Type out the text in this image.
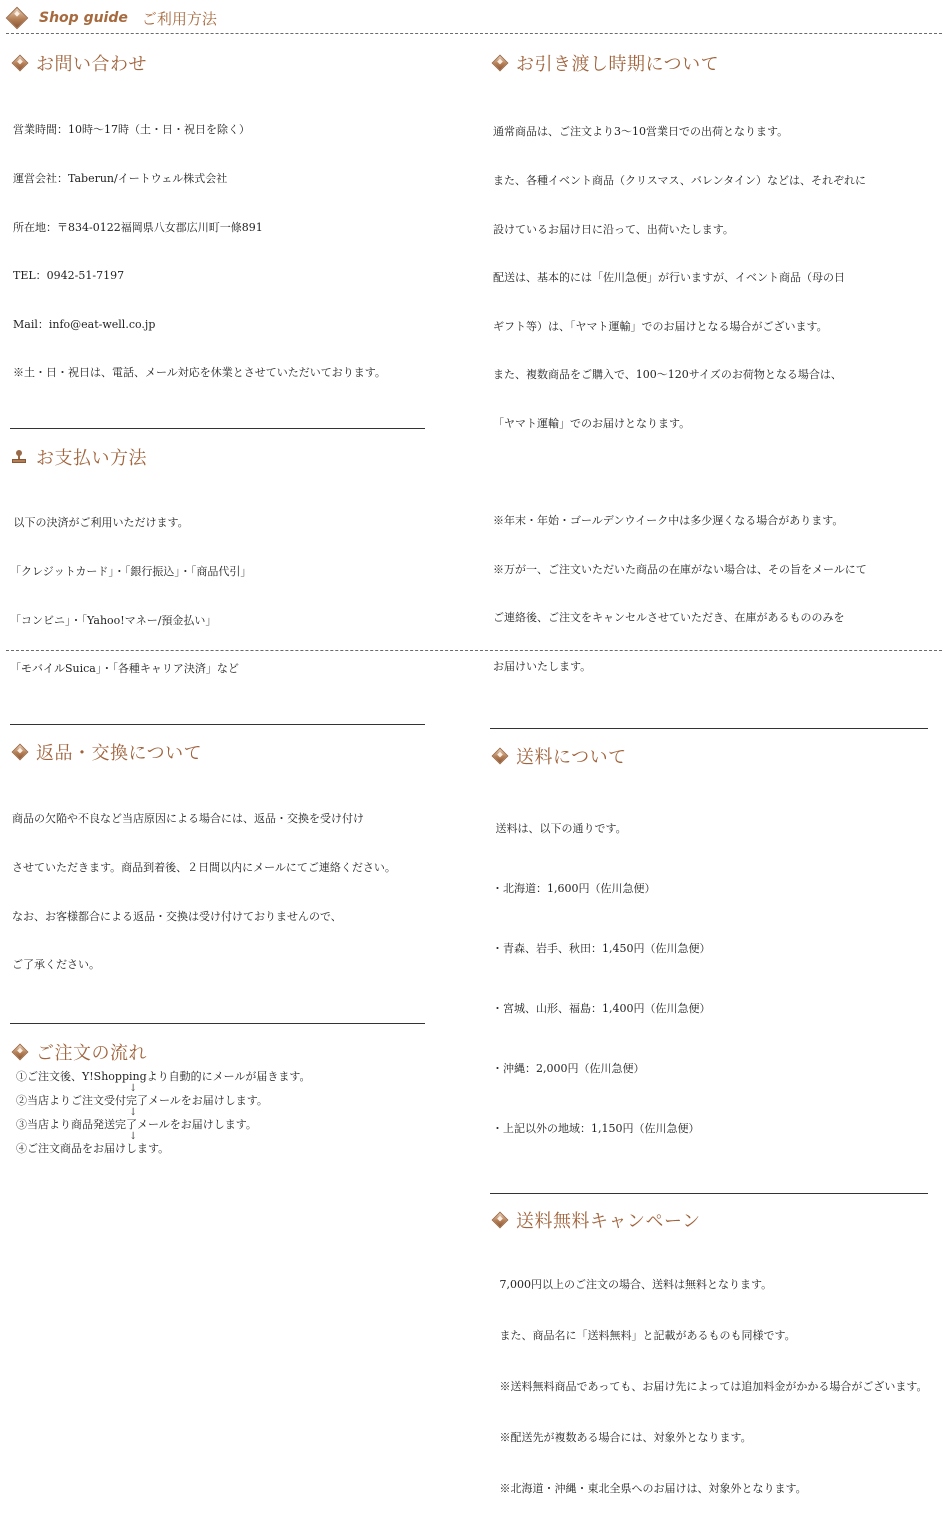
Shop guide ご利用方法
お問い合わせ

営業時間：10時～17時（土・日・祝日を除く）

運営会社：Taberun/イートウェル株式会社

所在地：〒834-0122福岡県八女郡広川町一條891

TEL：0942-51-7197

Mail：info@eat-well.co.jp

※土・日・祝日は、電話、メール対応を休業とさせていただいております。

お支払い方法

以下の決済がご利用いただけます。

「クレジットカード」・「銀行振込」・「商品代引」

「コンビニ」・「Yahoo!マネー/預金払い」

「モバイルSuica」・「各種キャリア決済」など

返品・交換について

商品の欠陥や不良など当店原因による場合には、返品・交換を受け付け

させていただきます。商品到着後、２日間以内にメールにてご連絡ください。

なお、お客様都合による返品・交換は受け付けておりませんので、

ご了承ください。

ご注文の流れ
①ご注文後、Y!Shoppingより自動的にメールが届きます。
↓
②当店よりご注文受付完了メールをお届けします。
↓
③当店より商品発送完了メールをお届けします。
↓
④ご注文商品をお届けします。
お引き渡し時期について

通常商品は、ご注文より3～10営業日での出荷となります。

また、各種イベント商品（クリスマス、バレンタイン）などは、それぞれに

設けているお届け日に沿って、出荷いたします。

配送は、基本的には「佐川急便」が行いますが、イベント商品（母の日

ギフト等）は、「ヤマト運輸」でのお届けとなる場合がございます。

また、複数商品をご購入で、100～120サイズのお荷物となる場合は、

「ヤマト運輸」でのお届けとなります。

※年末・年始・ゴールデンウイーク中は多少遅くなる場合があります。

※万が一、ご注文いただいた商品の在庫がない場合は、その旨をメールにて

ご連絡後、ご注文をキャンセルさせていただき、在庫があるもののみを

お届けいたします。

送料について

送料は、以下の通りです。

・北海道：1,600円（佐川急便）

・青森、岩手、秋田：1,450円（佐川急便）

・宮城、山形、福島：1,400円（佐川急便）

・沖縄：2,000円（佐川急便）

・上記以外の地域：1,150円（佐川急便）

送料無料キャンペーン

7,000円以上のご注文の場合、送料は無料となります。

また、商品名に「送料無料」と記載があるものも同様です。

※送料無料商品であっても、お届け先によっては追加料金がかかる場合がございます。

※配送先が複数ある場合には、対象外となります。

※北海道・沖縄・東北全県へのお届けは、対象外となります。
